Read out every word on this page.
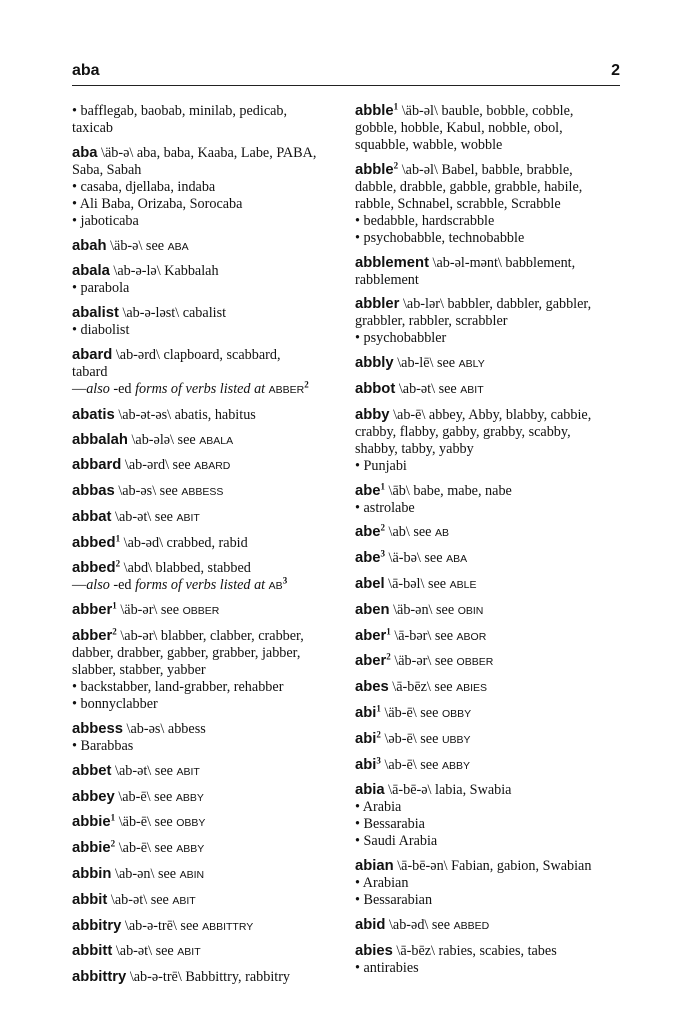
aba	2
• bafflegab, baobab, minilab, pedicab,
taxicab
aba \äb-ə\ aba, baba, Kaaba, Labe, PABA,
Saba, Sabah
• casaba, djellaba, indaba
• Ali Baba, Orizaba, Sorocaba
• jaboticaba
abah \äb-ə\ see ABA
abala \ab-ə-lə\ Kabbalah
• parabola
abalist \ab-ə-ləst\ cabalist
• diabolist
abard \ab-ərd\ clapboard, scabbard,
tabard
—also -ed forms of verbs listed at ABBER$^2$
abatis \ab-ət-əs\ abatis, habitus
abbalah \ab-ələ\ see ABALA
abbard \ab-ərd\ see ABARD
abbas \ab-əs\ see ABBESS
abbat \ab-ət\ see ABIT
abbed$^1$ \ab-əd\ crabbed, rabid
abbed$^2$ \abd\ blabbed, stabbed
—also -ed forms of verbs listed at $AB^3$
abber$^1$ \äb-ər\ see OBBER
abber$^2$ \ab-ər\ blabber, clabber, crabber,
dabber, drabber, gabber, grabber, jabber,
slabber, stabber, yabber
• backstabber, land-grabber, rehabber
• bonnyclabber
abbess \ab-əs\ abbess
• Barabbas
abbet \ab-ət\ see ABIT
abbey \ab-ē\ see ABBY
abbie$^1$ \äb-ē\ see OBBY
abbie$^2$ \ab-ē\ see ABBY
abbin \ab-ən\ see ABIN
abbit \ab-ət\ see ABIT
abbitry \ab-ə-trē\ see ABBITTRY
abbitt \ab-ət\ see ABIT
abbittry \ab-ə-trē\ Babbittry, rabbitry
abble$^1$ \äb-əl\ bauble, bobble, cobble,
gobble, hobble, Kabul, nobble, obol,
squabble, wabble, wobble
abble$^2$ \ab-əl\ Babel, babble, brabble,
dabble, drabble, gabble, grabble, habile,
rabble, Schnabel, scrabble, Scrabble
• bedabble, hardscrabble
• psychobabble, technobabble
abblement \ab-əl-mənt\ babblement,
rabblement
abbler \ab-lər\ babbler, dabbler, gabbler,
grabbler, rabbler, scrabbler
• psychobabbler
abbly \ab-lē\ see ABLY
abbot \ab-ət\ see ABIT
abby \ab-ē\ abbey, Abby, blabby, cabbie,
crabby, flabby, gabby, grabby, scabby,
shabby, tabby, yabby
• Punjabi
abe$^1$ \āb\ babe, mabe, nabe
• astrolabe
abe$^2$ \ab\ see AB
abe$^3$ \ä-bə\ see ABA
abel \ā-bəl\ see ABLE
aben \äb-ən\ see OBIN
aber$^1$ \ā-bər\ see ABOR
aber$^2$ \äb-ər\ see OBBER
abes \ā-bēz\ see ABIES
abi$^1$ \äb-ē\ see OBBY
abi$^2$ \əb-ē\ see UBBY
abi$^3$ \ab-ē\ see ABBY
abia \ā-bē-ə\ labia, Swabia
• Arabia
• Bessarabia
• Saudi Arabia
abian \ā-bē-ən\ Fabian, gabion, Swabian
• Arabian
• Bessarabian
abid \ab-əd\ see ABBED
abies \ā-bēz\ rabies, scabies, tabes
• antirabies
